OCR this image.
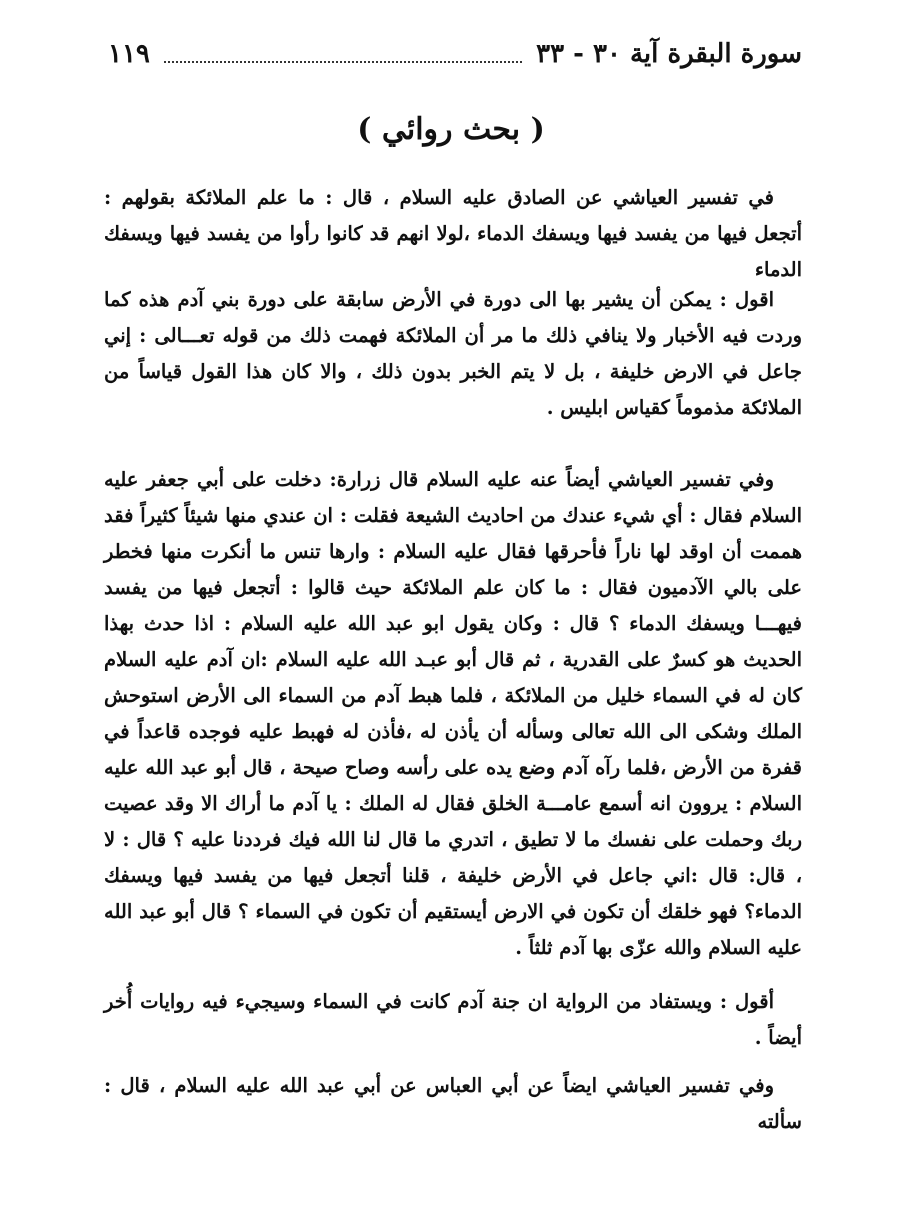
سورة البقرة آية ٣٠ - ٣٣
١١٩
( بحث روائي )

في تفسير العياشي عن الصادق عليه السلام ، قال : ما علم الملائكة بقولهم : أتجعل فيها من يفسد فيها ويسفك الدماء ،لولا انهم قد كانوا رأوا من يفسد فيها ويسفك الدماء

اقول : يمكن أن يشير بها الى دورة في الأرض سابقة على دورة بني آدم هذه كما وردت فيه الأخبار ولا ينافي ذلك ما مر أن الملائكة فهمت ذلك من قوله تعـــالى : إني جاعل في الارض خليفة ، بل لا يتم الخبر بدون ذلك ، والا كان هذا القول قياساً من الملائكة مذموماً كقياس ابليس .

وفي تفسير العياشي أيضاً عنه عليه السلام قال زرارة: دخلت على أبي جعفر عليه السلام فقال : أي شيء عندك من احاديث الشيعة فقلت : ان عندي منها شيئاً كثيراً فقد هممت أن اوقد لها ناراً فأحرقها فقال عليه السلام : وارها تنس ما أنكرت منها فخطر على بالي الآدميون فقال : ما كان علم الملائكة حيث قالوا : أتجعل فيها من يفسد فيهـــا ويسفك الدماء ؟ قال : وكان يقول ابو عبد الله عليه السلام : اذا حدث بهذا الحديث هو كسرٌ على القدرية ، ثم قال أبو عبـد الله عليه السلام :ان آدم عليه السلام كان له في السماء خليل من الملائكة ، فلما هبط آدم من السماء الى الأرض استوحش الملك وشكى الى الله تعالى وسأله أن يأذن له ،فأذن له فهبط عليه فوجده قاعداً في قفرة من الأرض ،فلما رآه آدم وضع يده على رأسه وصاح صيحة ، قال أبو عبد الله عليه السلام : يروون انه أسمع عامـــة الخلق فقال له الملك : يا آدم ما أراك الا وقد عصيت ربك وحملت على نفسك ما لا تطيق ، اتدري ما قال لنا الله فيك فرددنا عليه ؟ قال : لا ، قال: قال :اني جاعل في الأرض خليفة ، قلنا أتجعل فيها من يفسد فيها ويسفك الدماء؟ فهو خلقك أن تكون في الارض أيستقيم أن تكون في السماء ؟ قال أبو عبد الله عليه السلام والله عزّى بها آدم ثلثاً .

أقول : ويستفاد من الرواية ان جنة آدم كانت في السماء وسيجيء فيه روايات أُخر أيضاً .

وفي تفسير العياشي ايضاً عن أبي العباس عن أبي عبد الله عليه السلام ، قال : سألته
